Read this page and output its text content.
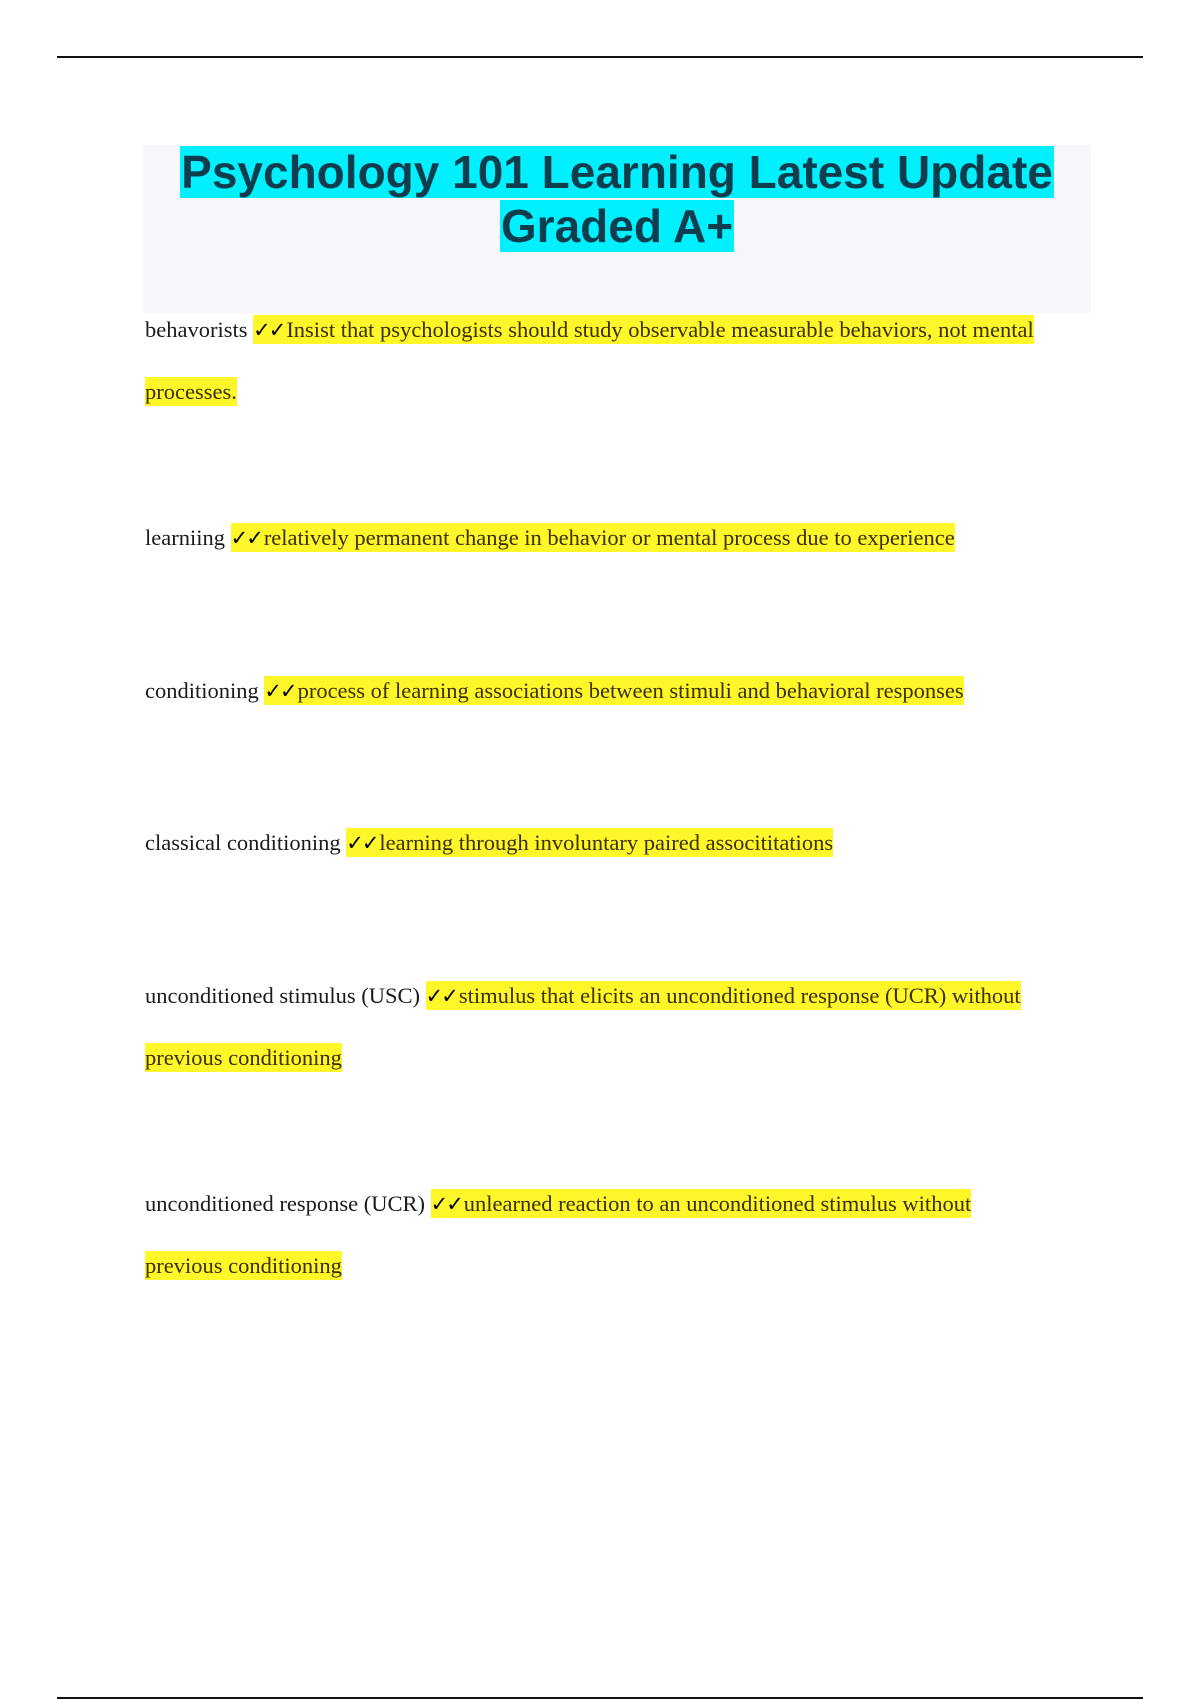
Psychology 101 Learning Latest Update
Graded A+

behavorists ✓✓Insist that psychologists should study observable measurable behaviors, not mental processes.

learniing ✓✓relatively permanent change in behavior or mental process due to experience

conditioning ✓✓process of learning associations between stimuli and behavioral responses

classical conditioning ✓✓learning through involuntary paired assocititations

unconditioned stimulus (USC) ✓✓stimulus that elicits an unconditioned response (UCR) without previous conditioning

unconditioned response (UCR) ✓✓unlearned reaction to an unconditioned stimulus without previous conditioning
